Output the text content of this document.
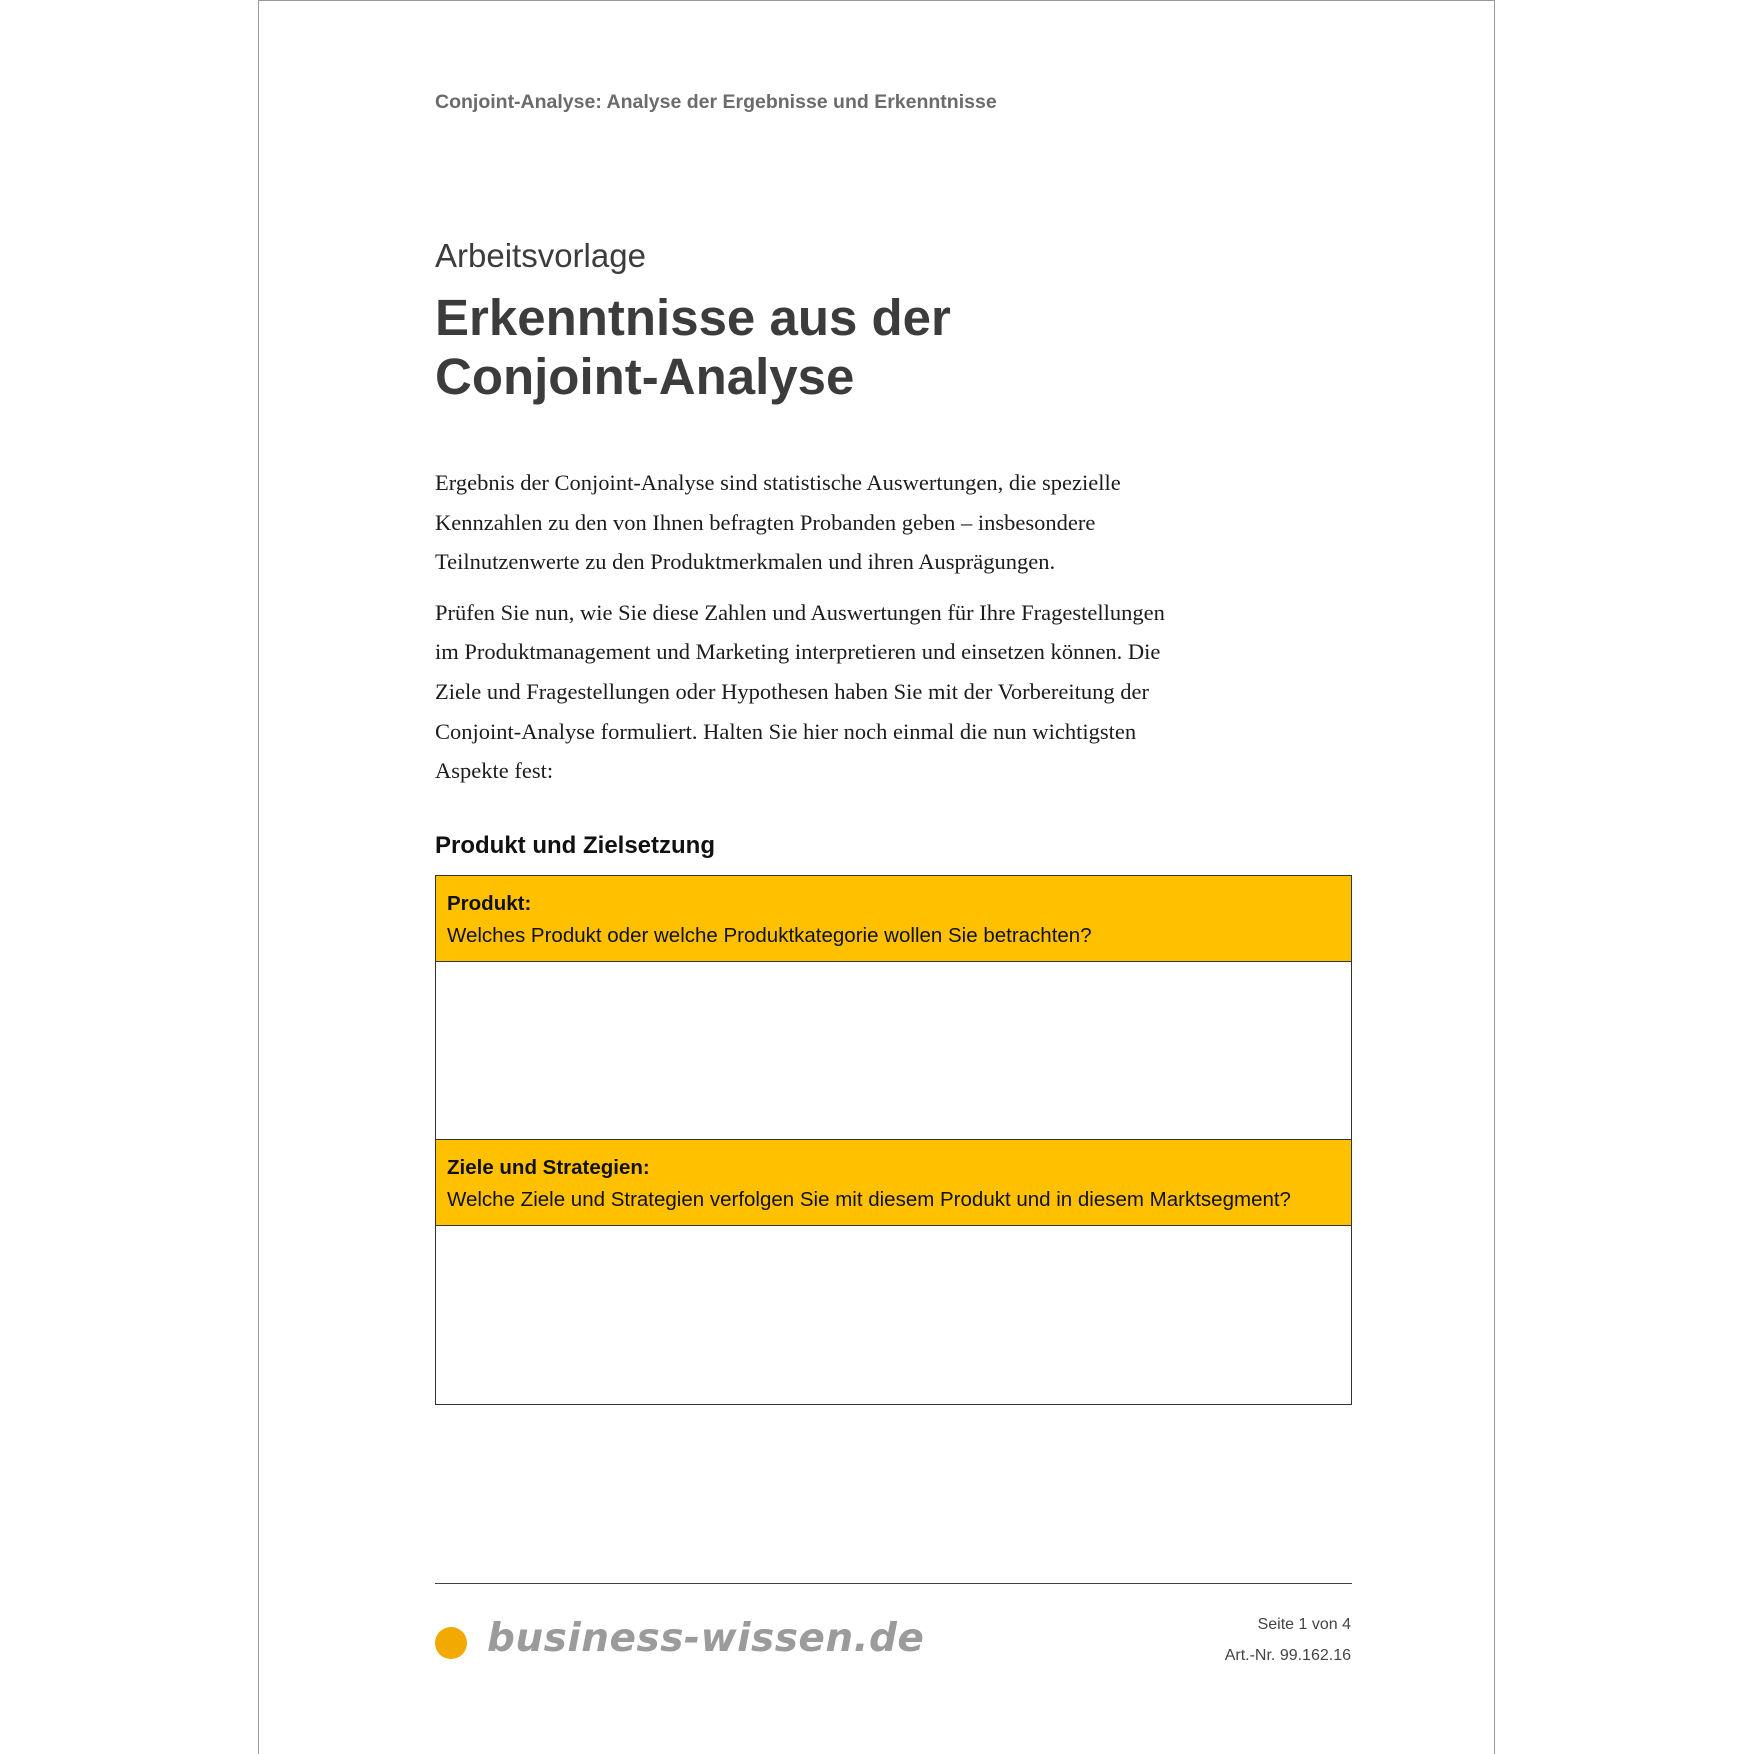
Conjoint-Analyse: Analyse der Ergebnisse und Erkenntnisse
Arbeitsvorlage
Erkenntnisse aus der
Conjoint-Analyse

Ergebnis der Conjoint-Analyse sind statistische Auswertungen, die spezielle Kennzahlen zu den von Ihnen befragten Probanden geben – insbesondere Teilnutzenwerte zu den Produktmerkmalen und ihren Ausprägungen.

Prüfen Sie nun, wie Sie diese Zahlen und Auswertungen für Ihre Fragestellungen im Produktmanagement und Marketing interpretieren und einsetzen können. Die Ziele und Fragestellungen oder Hypothesen haben Sie mit der Vorbereitung der Conjoint-Analyse formuliert. Halten Sie hier noch einmal die nun wichtigsten Aspekte fest:

Produkt und Zielsetzung
Produkt:
Welches Produkt oder welche Produktkategorie wollen Sie betrachten?
Ziele und Strategien:
Welche Ziele und Strategien verfolgen Sie mit diesem Produkt und in diesem Marktsegment?
business-wissen.de	Seite 1 von 4
Art.-Nr. 99.162.16
